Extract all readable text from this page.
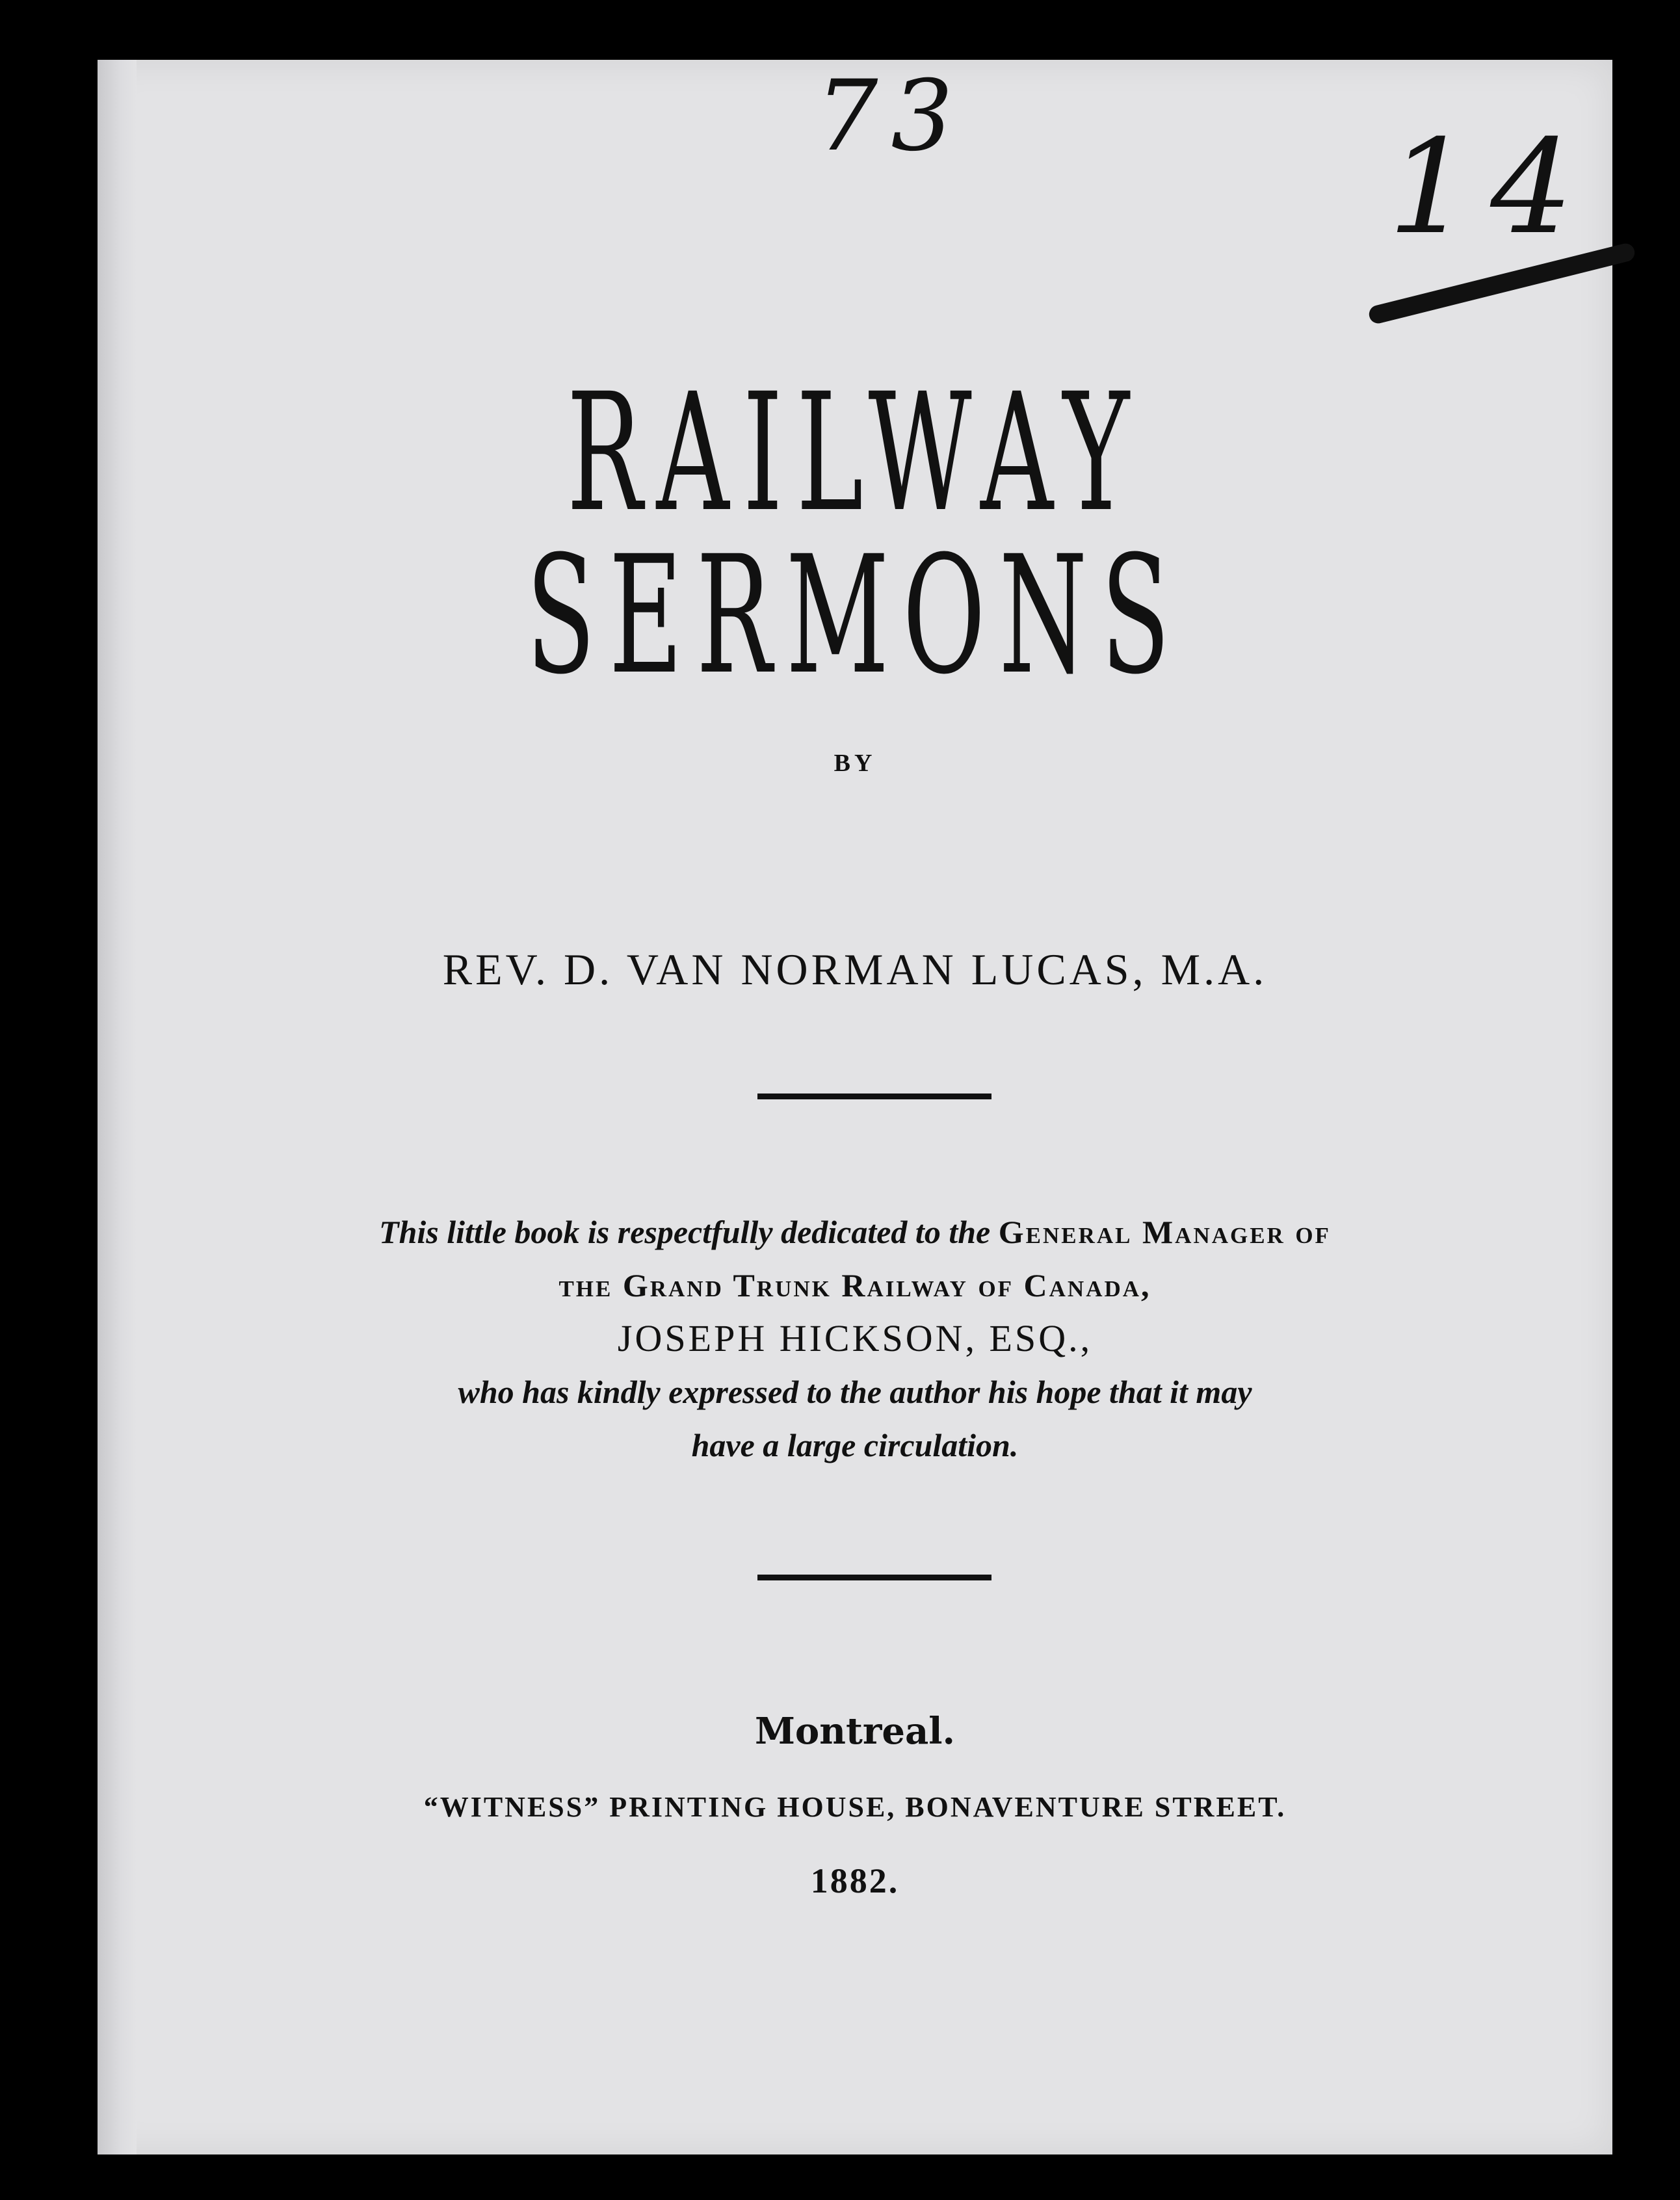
73	14
RAILWAY SERMONS
BY
REV. D. VAN NORMAN LUCAS, M.A.
This little book is respectfully dedicated to the General Manager of
the Grand Trunk Railway of Canada,
JOSEPH HICKSON, ESQ.,
who has kindly expressed to the author his hope that it may
have a large circulation.
Montreal.
“WITNESS” PRINTING HOUSE, BONAVENTURE STREET.
1882.
